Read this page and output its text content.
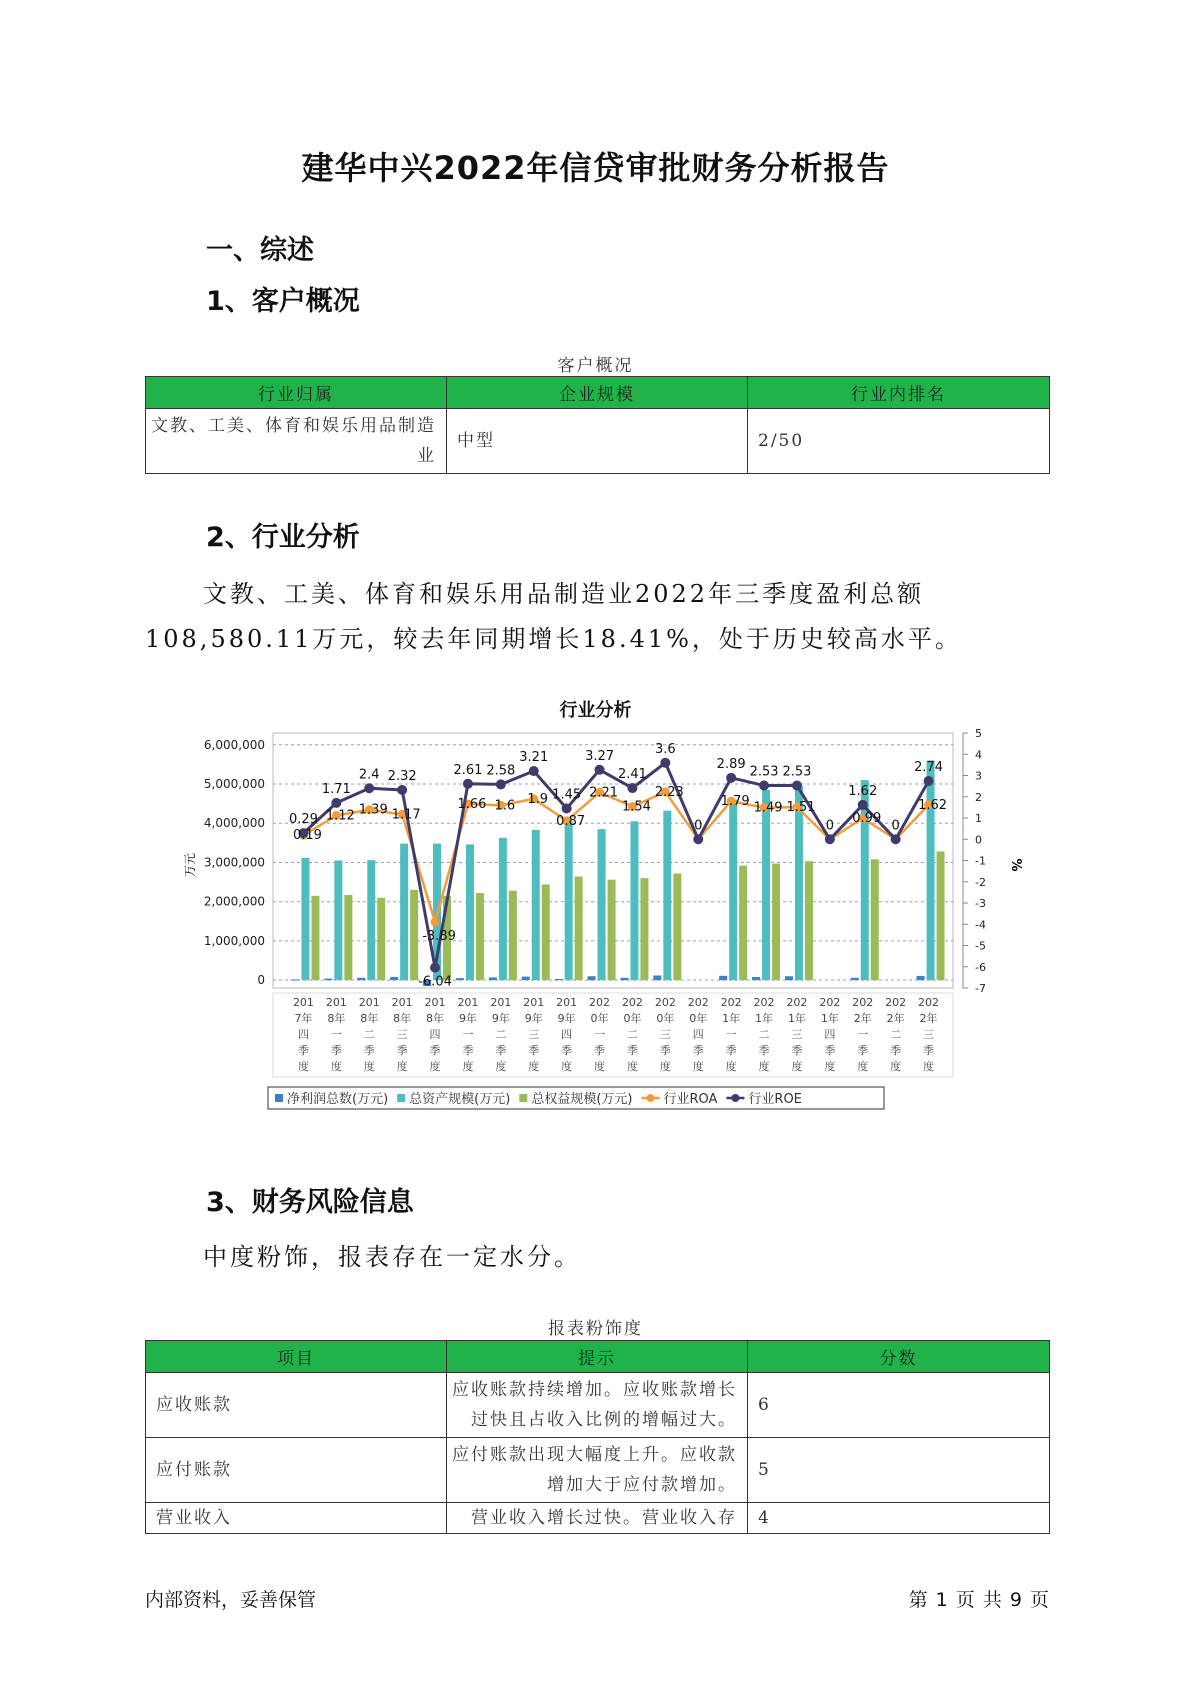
建华中兴2022年信贷审批财务分析报告
一、综述
1、客户概况
客户概况
行业归属	企业规模	行业内排名
文教、工美、体育和娱乐用品制造业	中型	2/50
2、行业分析

文教、工美、体育和娱乐用品制造业2022年三季度盈利总额108,580.11万元，较去年同期增长18.41%，处于历史较高水平。

行业分析
6,000,000
5,000,000
4,000,000
3,000,000
2,000,000
1,000,000
0
5
4
3
2
1
0
-1
-2
-3
-4
-5
-6
-7
万元	%
0.29
1.71
2.4 2.32
-6.04
2.61 2.58
3.21
1.45
3.27
2.41
3.6
0
2.89
2.53 2.53
0
1.62
0
2.74
0.19
1.12 1.39 1.17
-3.89
1.66 1.6 1.9
0.87
2.21
1.54
2.23
1.79 1.49 1.51
0.99
1.62
201
7年
四
季
度
201
8年
一
季
度
201
8年
二
季
度
201
8年
三
季
度
201
8年
四
季
度
201
9年
一
季
度
201
9年
二
季
度
201
9年
三
季
度
201
9年
四
季
度
202
0年
一
季
度
202
0年
二
季
度
202
0年
三
季
度
202
0年
四
季
度
202
1年
一
季
度
202
1年
二
季
度
202
1年
三
季
度
202
1年
四
季
度
202
2年
一
季
度
202
2年
二
季
度
202
2年
三
季
度
净利润总数(万元) 总资产规模(万元) 总权益规模(万元) 行业ROA 行业ROE
3、财务风险信息

中度粉饰，报表存在一定水分。

报表粉饰度
项目	提示	分数
应收账款	应收账款持续增加。应收账款增长过快且占收入比例的增幅过大。	6
应付账款	应付账款出现大幅度上升。应收款增加大于应付款增加。	5
营业收入	营业收入增长过快。营业收入存	4
内部资料，妥善保管	第 1 页 共 9 页
